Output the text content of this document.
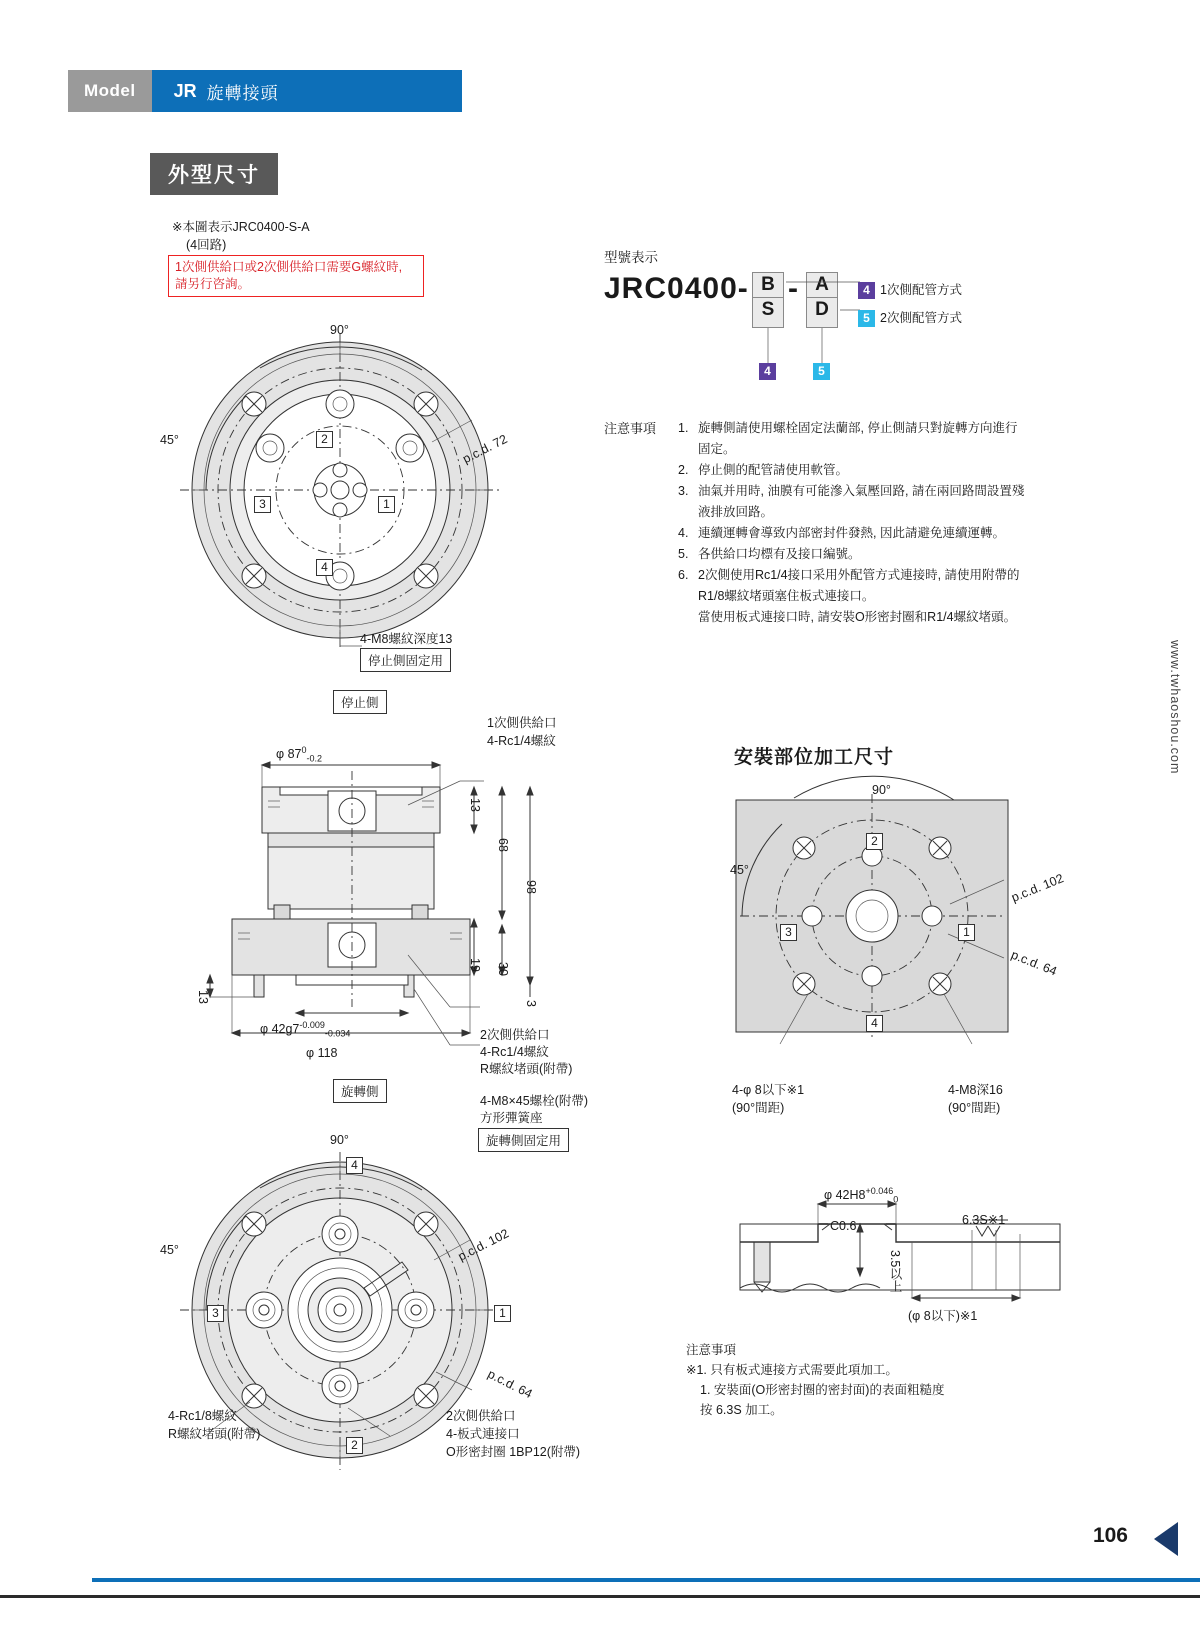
Model	JR 旋轉接頭
外型尺寸
※本圖表示JRC0400-S-A
(4回路)
1次側供給口或2次側供給口需要G螺紋時,
請另行咨詢。
90°
45°	p.c.d. 72
2
1
3
4
4-M8螺紋深度13
停止側固定用
停止側
φ $87^0_{-0.2}$
φ $42g7^{-0.009}_{-0.034}$
φ 118
13
68
98
30
19
3
13
1次側供給口
4-Rc1/4螺紋
2次側供給口
4-Rc1/4螺紋
R螺紋堵頭(附帶)
4-M8×45螺栓(附帶)
方形彈簧座
旋轉側固定用
旋轉側
90°
45°	p.c.d. 102
p.c.d. 64
4
1
3
2
4-Rc1/8螺紋
R螺紋堵頭(附帶)
2次側供給口
4-板式連接口
O形密封圈 1BP12(附帶)
型號表示
JRC0400- B
S
- A
D
4 1次側配管方式
5 2次側配管方式
4	5
注意事項 1. 旋轉側請使用螺栓固定法蘭部, 停止側請只對旋轉方向進行
固定。
2. 停止側的配管請使用軟管。
3. 油氣并用時, 油膜有可能滲入氣壓回路, 請在兩回路間設置殘
液排放回路。
4. 連續運轉會導致内部密封件發熱, 因此請避免連續運轉。
5. 各供給口均標有及接口編號。
6. 2次側使用Rc1/4接口采用外配管方式連接時, 請使用附帶的
R1/8螺紋堵頭塞住板式連接口。
當使用板式連接口時, 請安裝O形密封圈和R1/4螺紋堵頭。
安裝部位加工尺寸
90°
45°
p.c.d. 102
p.c.d. 64
2
1
3
4
4-φ 8以下※1
(90°間距)
4-M8深16
(90°間距)
φ $42H8^{+0.046}_0$
C0.6	6.3S※1
3.5以上
(φ 8以下)※1
注意事項
※1. 只有板式連接方式需要此項加工。
1. 安裝面(O形密封圈的密封面)的表面粗糙度
按 6.3S 加工。
www.twhaoshou.com
106
